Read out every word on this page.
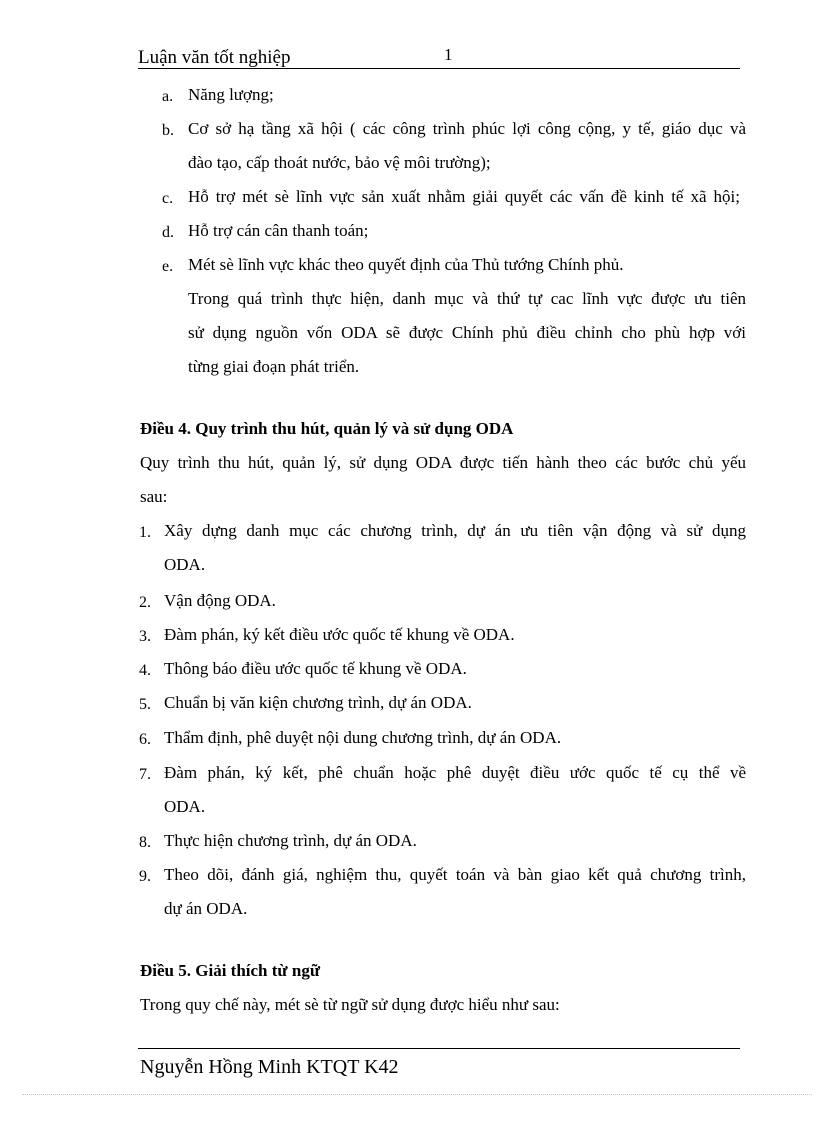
Luận văn tốt nghiệp	1
a. Năng lượng;
b. Cơ sở hạ tầng xã hội ( các công trình phúc lợi công cộng, y tế, giáo dục và
đào tạo, cấp thoát nước, bảo vệ môi trường);
c. Hỗ trợ mét sè lĩnh vực sản xuất nhằm giải quyết các vấn đề kinh tế xã hội;
d. Hỗ trợ cán cân thanh toán;
e. Mét sè lĩnh vực khác theo quyết định của Thủ tướng Chính phủ.
Trong quá trình thực hiện, danh mục và thứ tự cac lĩnh vực được ưu tiên
sử dụng nguồn vốn ODA sẽ được Chính phủ điều chỉnh cho phù hợp với
từng giai đoạn phát triển.
Điều 4. Quy trình thu hút, quản lý và sử dụng ODA
Quy trình thu hút, quản lý, sử dụng ODA được tiến hành theo các bước chủ yếu
sau:
1. Xây dựng danh mục các chương trình, dự án ưu tiên vận động và sử dụng
ODA.
2. Vận động ODA.
3. Đàm phán, ký kết điều ước quốc tế khung về ODA.
4. Thông báo điều ước quốc tế khung về ODA.
5. Chuẩn bị văn kiện chương trình, dự án ODA.
6. Thẩm định, phê duyệt nội dung chương trình, dự án ODA.
7. Đàm phán, ký kết, phê chuẩn hoặc phê duyệt điều ước quốc tế cụ thể về
ODA.
8. Thực hiện chương trình, dự án ODA.
9. Theo dõi, đánh giá, nghiệm thu, quyết toán và bàn giao kết quả chương trình,
dự án ODA.
Điều 5. Giải thích từ ngữ
Trong quy chế này, mét sè từ ngữ sử dụng được hiểu như sau:
Nguyễn Hồng Minh KTQT K42
